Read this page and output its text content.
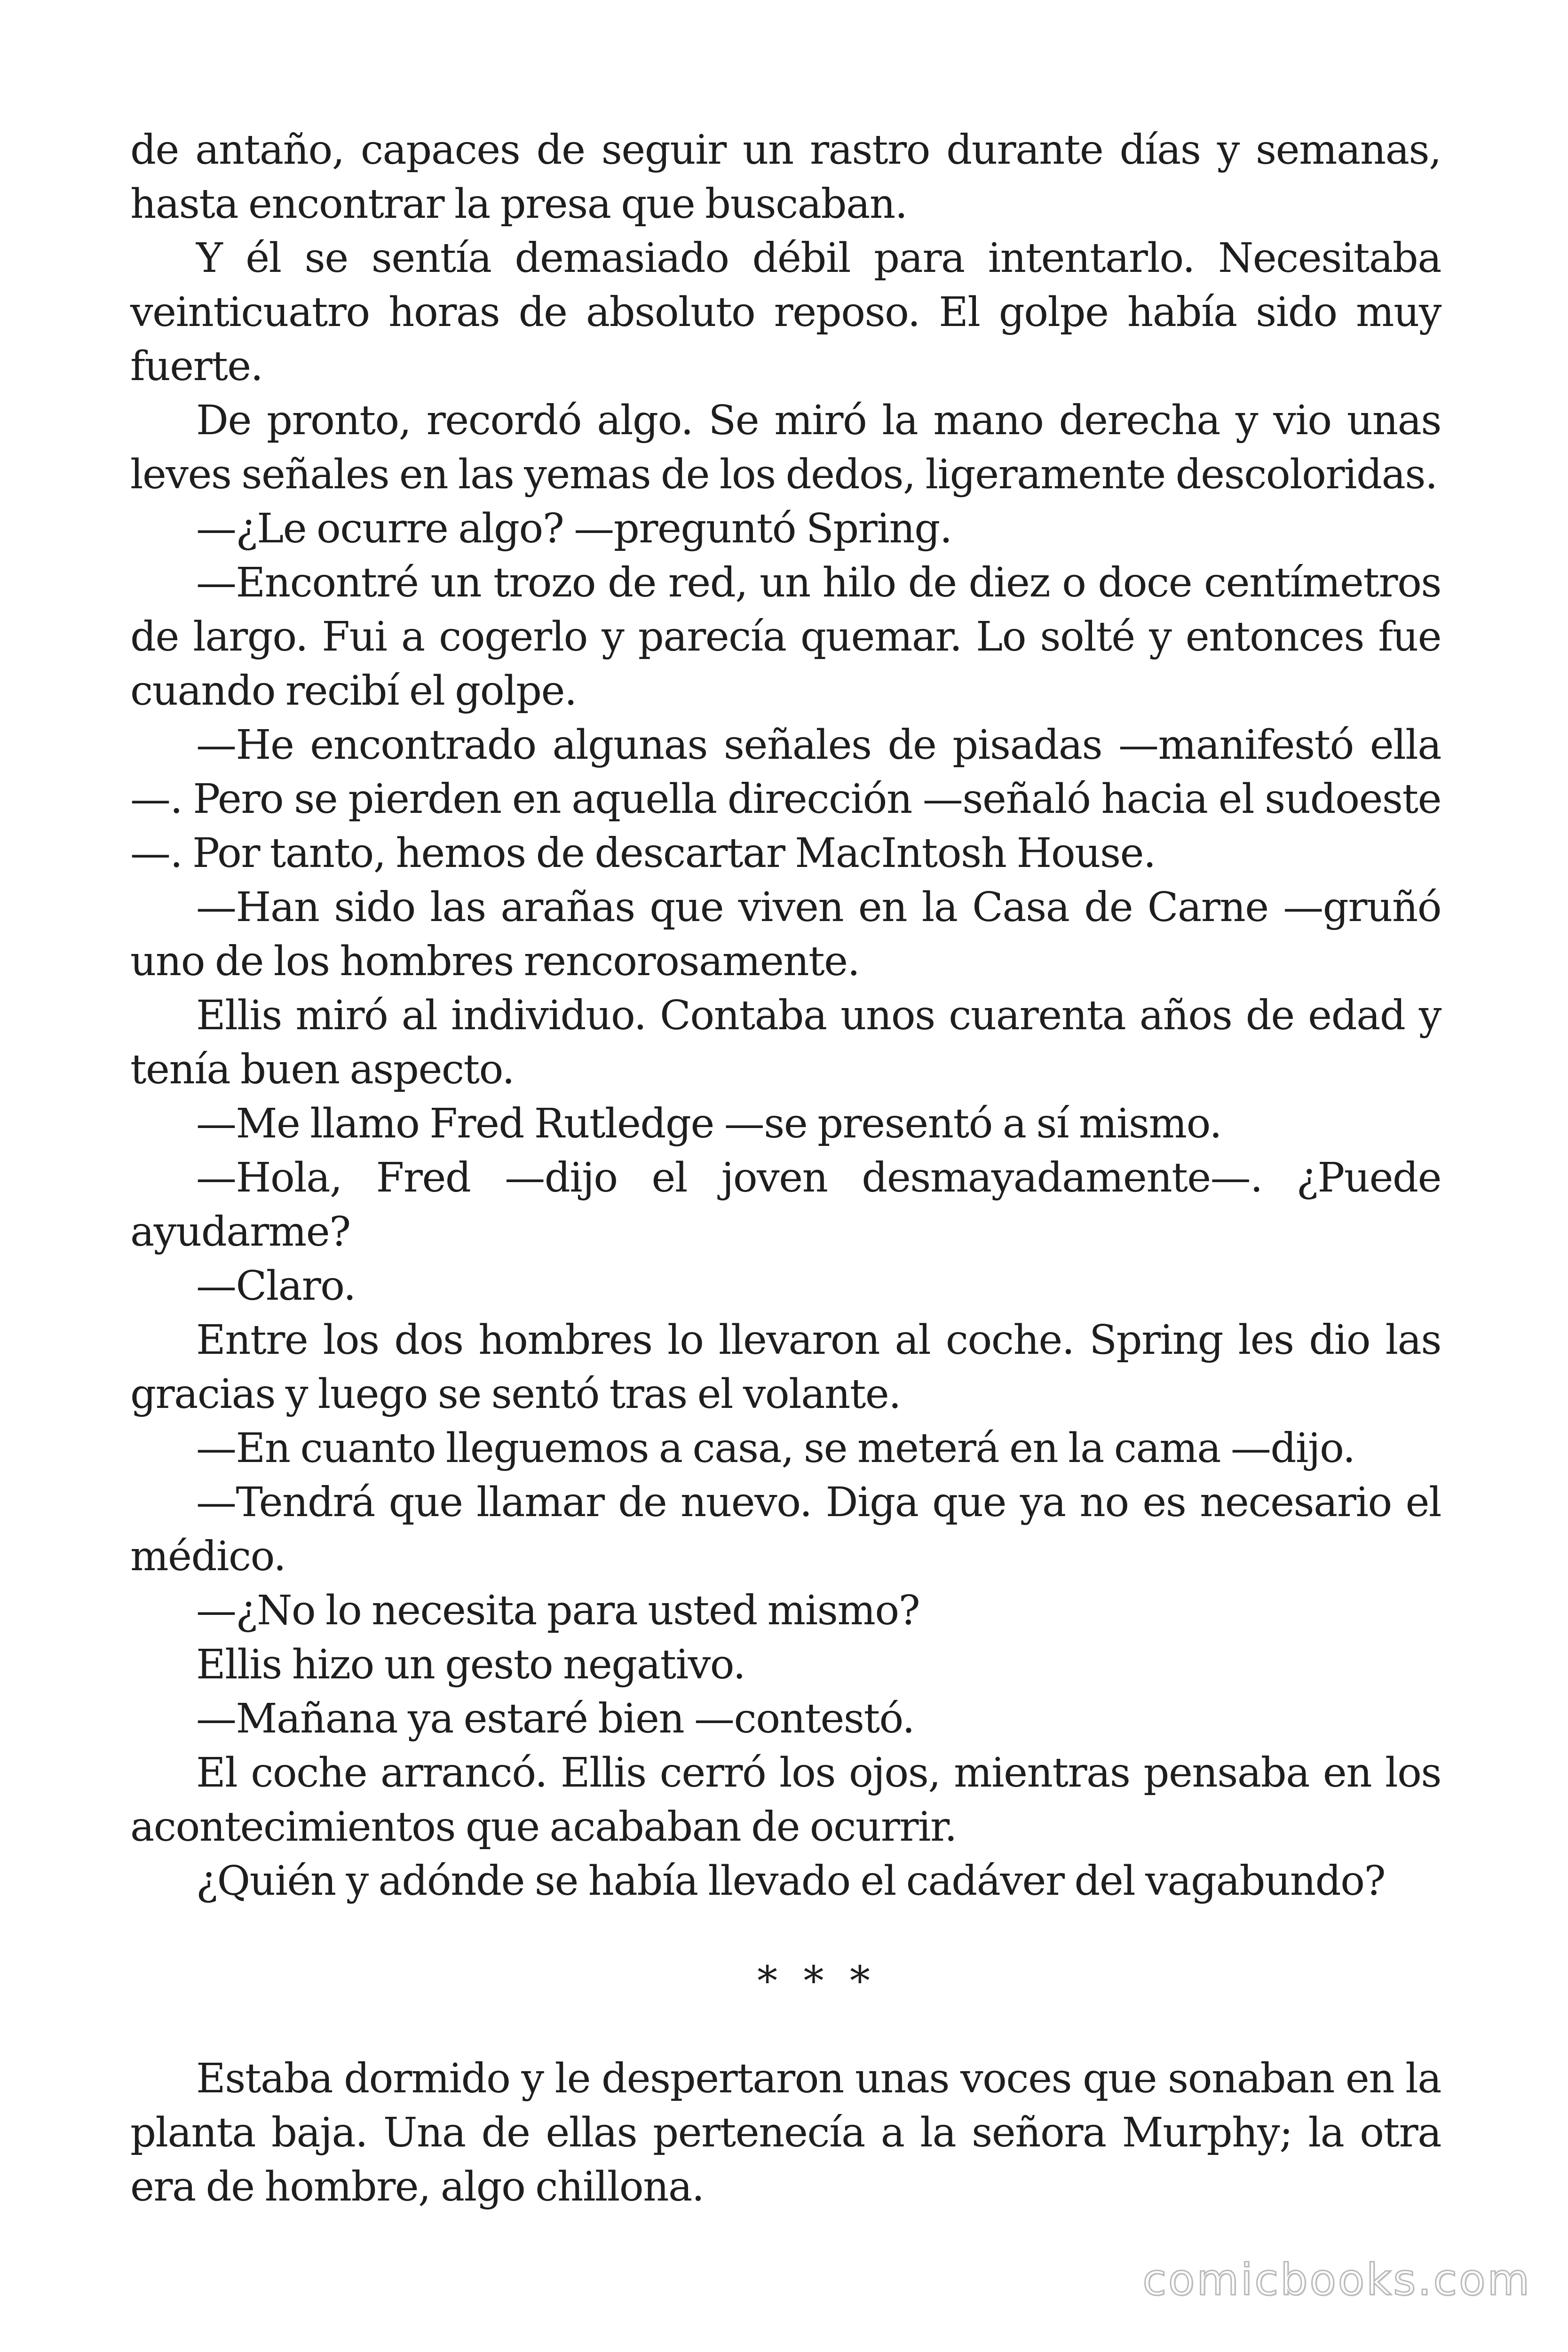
de antaño, capaces de seguir un rastro durante días y semanas, hasta encontrar la presa que buscaban.

Y él se sentía demasiado débil para intentarlo. Necesitaba veinticuatro horas de absoluto reposo. El golpe había sido muy fuerte.

De pronto, recordó algo. Se miró la mano derecha y vio unas leves señales en las yemas de los dedos, ligeramente descoloridas.

—¿Le ocurre algo? —preguntó Spring.

—Encontré un trozo de red, un hilo de diez o doce centímetros de largo. Fui a cogerlo y parecía quemar. Lo solté y entonces fue cuando recibí el golpe.

—He encontrado algunas señales de pisadas —manifestó ella—. Pero se pierden en aquella dirección —señaló hacia el sudoeste—. Por tanto, hemos de descartar MacIntosh House.

—Han sido las arañas que viven en la Casa de Carne —gruñó uno de los hombres rencorosamente.

Ellis miró al individuo. Contaba unos cuarenta años de edad y tenía buen aspecto.

—Me llamo Fred Rutledge —se presentó a sí mismo.

—Hola, Fred —dijo el joven desmayadamente—. ¿Puede ayudarme?

—Claro.

Entre los dos hombres lo llevaron al coche. Spring les dio las gracias y luego se sentó tras el volante.

—En cuanto lleguemos a casa, se meterá en la cama —dijo.

—Tendrá que llamar de nuevo. Diga que ya no es necesario el médico.

—¿No lo necesita para usted mismo?

Ellis hizo un gesto negativo.

—Mañana ya estaré bien —contestó.

El coche arrancó. Ellis cerró los ojos, mientras pensaba en los acontecimientos que acababan de ocurrir.

¿Quién y adónde se había llevado el cadáver del vagabundo?

* * *

Estaba dormido y le despertaron unas voces que sonaban en la planta baja. Una de ellas pertenecía a la señora Murphy; la otra era de hombre, algo chillona.

comicbooks.com
